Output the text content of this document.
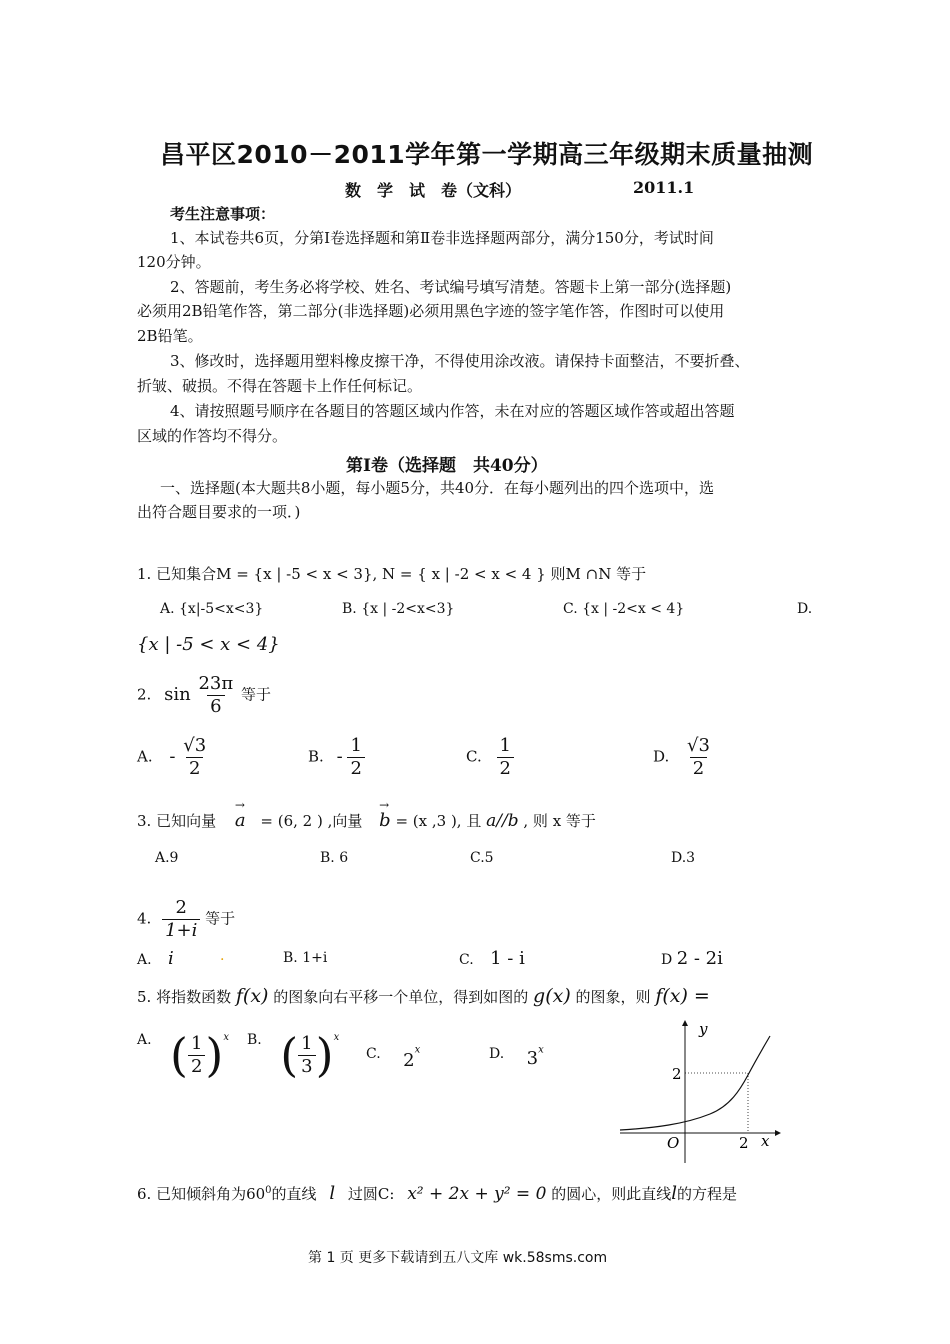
昌平区2010－2011学年第一学期高三年级期末质量抽测
数　学　试　卷（文科）	2011.1
考生注意事项：
1、本试卷共6页，分第Ⅰ卷选择题和第Ⅱ卷非选择题两部分，满分150分，考试时间
120分钟。
2、答题前，考生务必将学校、姓名、考试编号填写清楚。答题卡上第一部分(选择题)
必须用2B铅笔作答，第二部分(非选择题)必须用黑色字迹的签字笔作答，作图时可以使用
2B铅笔。
3、修改时，选择题用塑料橡皮擦干净，不得使用涂改液。请保持卡面整洁，不要折叠、
折皱、破损。不得在答题卡上作任何标记。
4、请按照题号顺序在各题目的答题区域内作答，未在对应的答题区域作答或超出答题
区域的作答均不得分。
第Ⅰ卷（选择题　共40分）
一、选择题(本大题共8小题，每小题5分，共40分．在每小题列出的四个选项中，选
出符合题目要求的一项．)
1. 已知集合M = {x | -5 < x < 3}, N = { x | -2 < x < 4 } 则M ∩N 等于
A. {x|-5<x<3}	B. {x | -2<x<3}	C. {x | -2<x < 4}	D.
{x | -5 < x < 4}
2. $\sin \frac{23\pi}{6}$ 等于
A. - $\frac{√3}{2}$	B. - $\frac{1}{2}$	C. $\frac{1}{2}$	D. $\frac{√3}{2}$
3. 已知向量
→
a = (6, 2 ) ,向量
→
b = (x ,3 ), 且 a//b , 则 x 等于
A.9	B. 6	C.5	D.3
4. $\frac{2}{1+i}$ 等于
A. i	.	B. 1+i	C. 1 - i	D 2 - 2i
5. 将指数函数 f(x) 的图象向右平移一个单位，得到如图的 g(x) 的图象，则 f(x) =
A. ( $\frac{1}{2} )^x$ B. ( $\frac{1}{3} )^x$
C. 2$^x$	D. 3$^x$
y
x
O
2
2
6. 已知倾斜角为$60^0$的直线 l 过圆C: x² + 2x + y² = 0 的圆心，则此直线l的方程是
第 1 页 更多下载请到五八文库 wk.58sms.com
